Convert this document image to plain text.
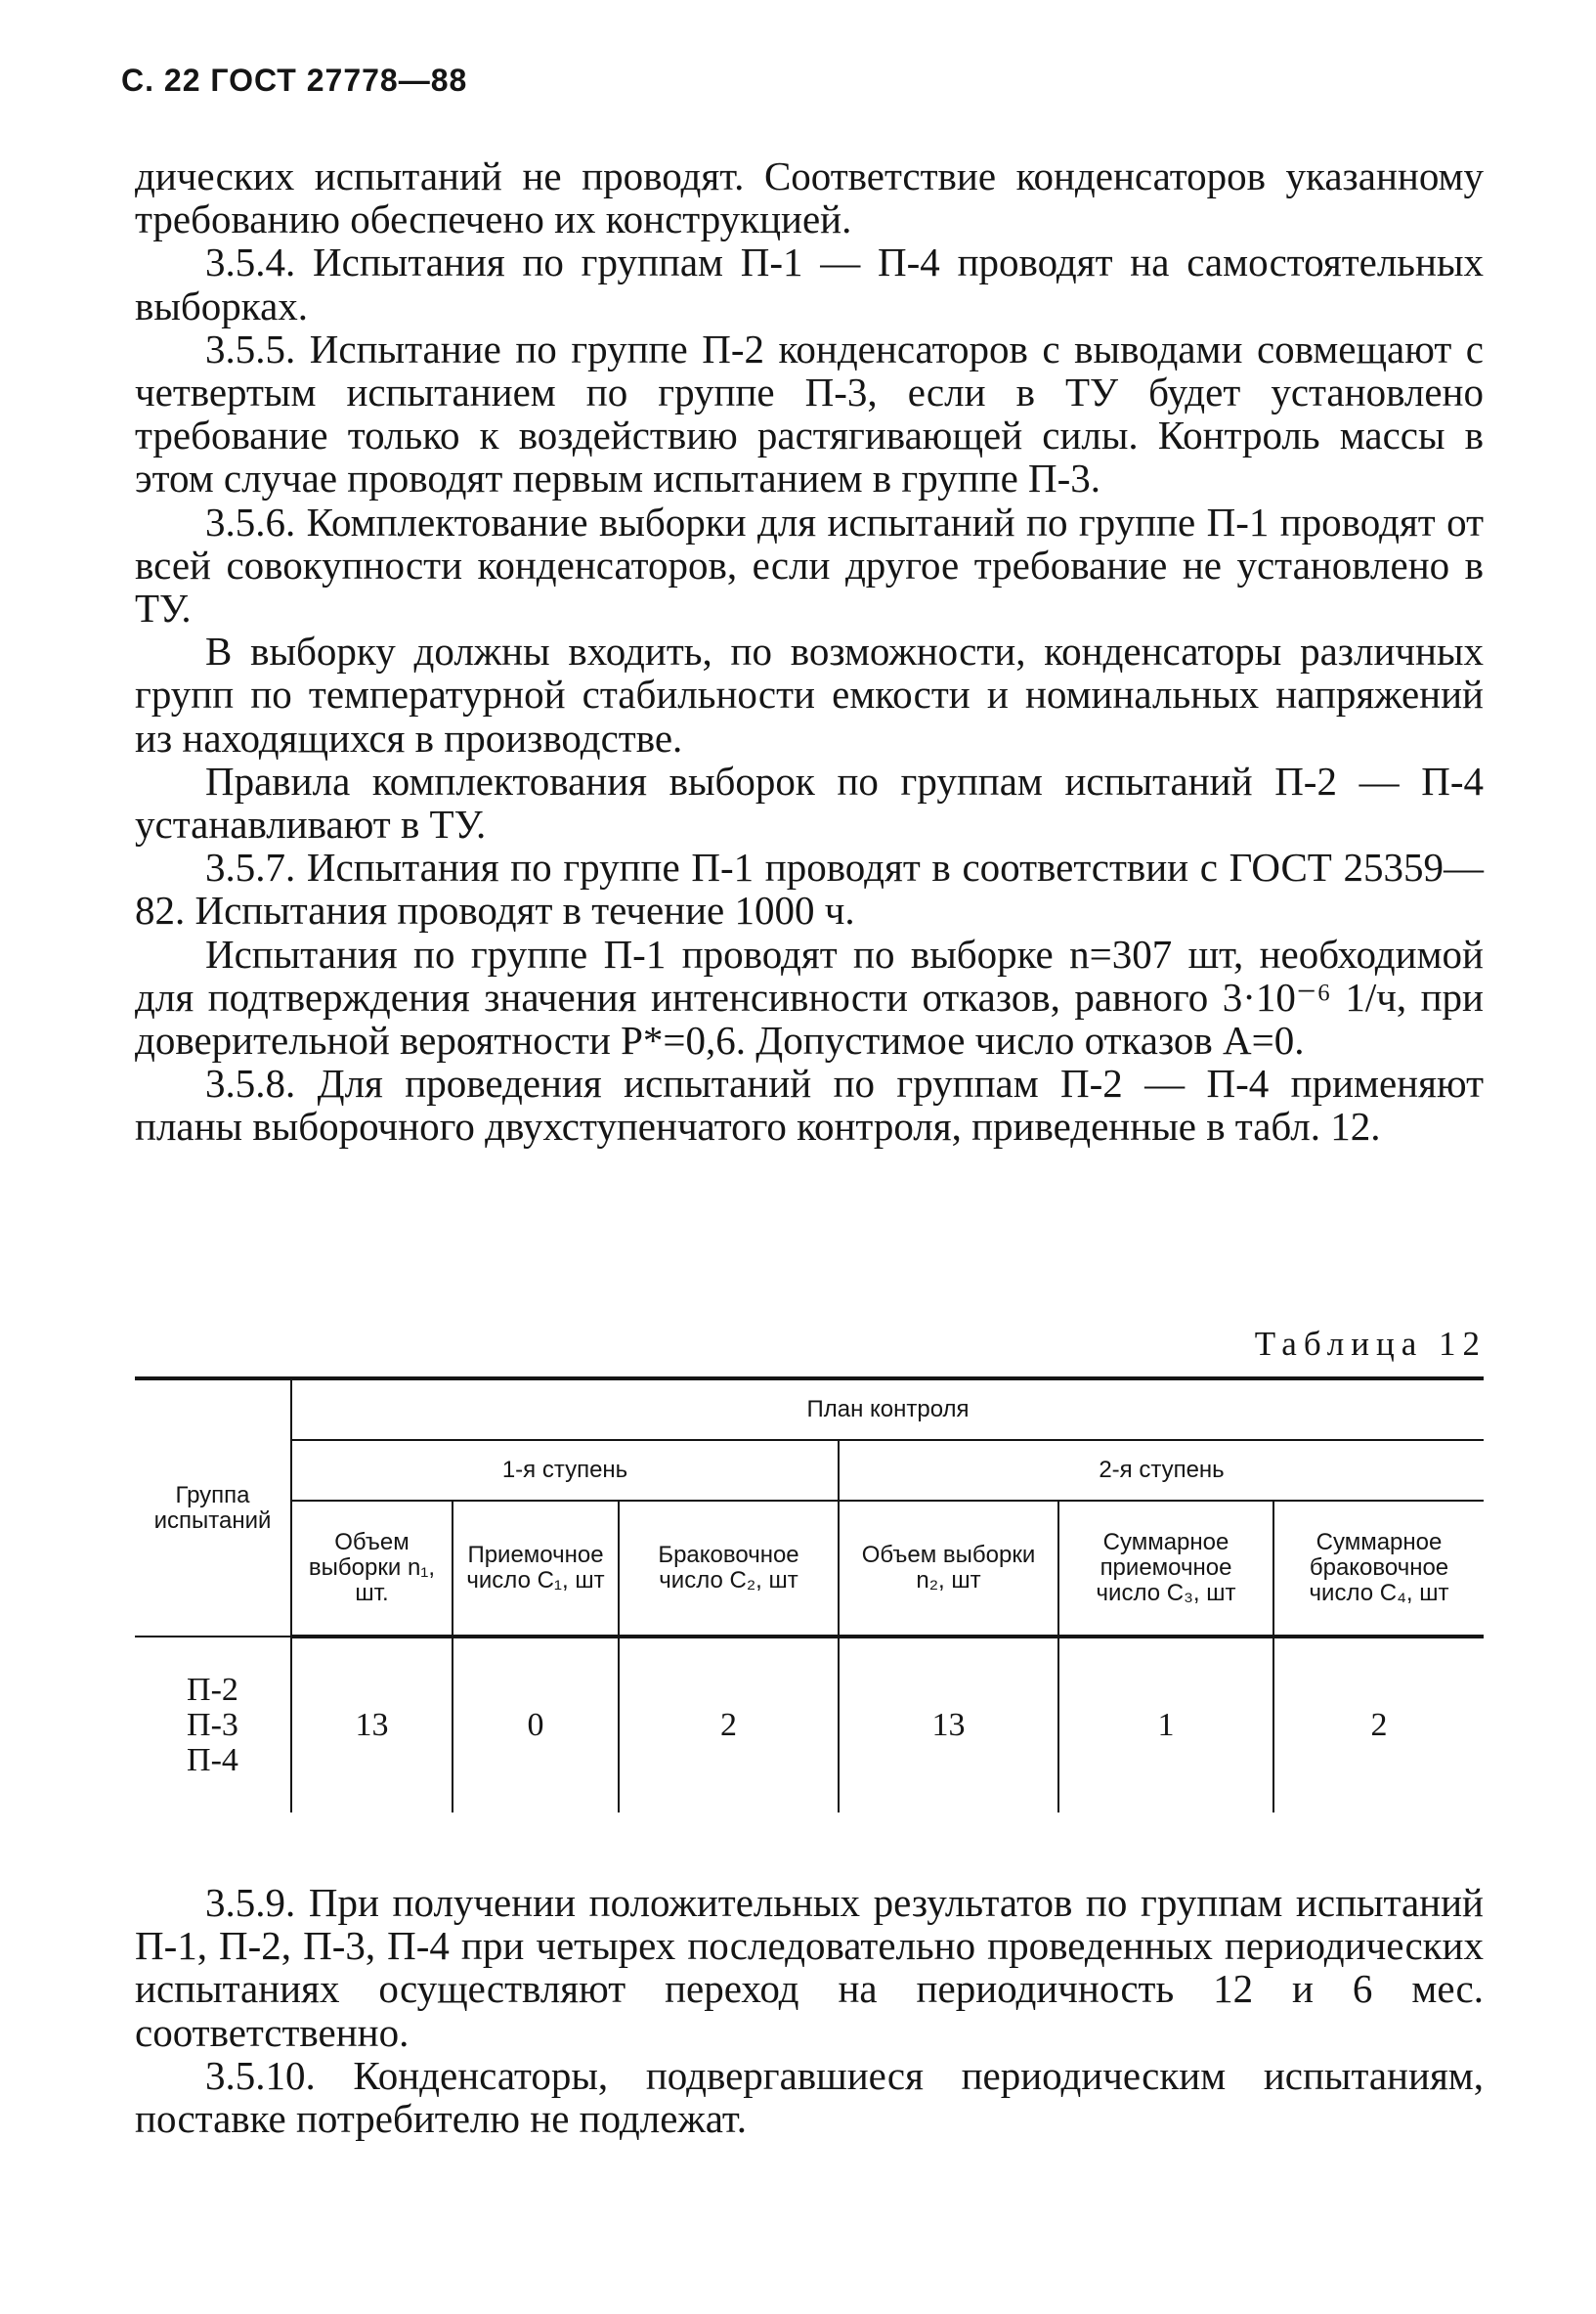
С. 22 ГОСТ 27778—88

дических испытаний не проводят. Соответствие конденсаторов указанному требованию обеспечено их конструкцией.

3.5.4. Испытания по группам П-1 — П-4 проводят на самостоятельных выборках.

3.5.5. Испытание по группе П-2 конденсаторов с выводами совмещают с четвертым испытанием по группе П-3, если в ТУ будет установлено требование только к воздействию растягивающей силы. Контроль массы в этом случае проводят первым испытанием в группе П-3.

3.5.6. Комплектование выборки для испытаний по группе П-1 проводят от всей совокупности конденсаторов, если другое требование не установлено в ТУ.

В выборку должны входить, по возможности, конденсаторы различных групп по температурной стабильности емкости и номинальных напряжений из находящихся в производстве.

Правила комплектования выборок по группам испытаний П-2 — П-4 устанавливают в ТУ.

3.5.7. Испытания по группе П-1 проводят в соответствии с ГОСТ 25359—82. Испытания проводят в течение 1000 ч.

Испытания по группе П-1 проводят по выборке n=307 шт, необходимой для подтверждения значения интенсивности отказов, равного 3·10⁻⁶ 1/ч, при доверительной вероятности P*=0,6. Допустимое число отказов A=0.

3.5.8. Для проведения испытаний по группам П-2 — П-4 применяют планы выборочного двухступенчатого контроля, приведенные в табл. 12.

Таблица 12
Группа испытаний	План контроля					
	1-я ступень			2-я ступень		
	Объем выборки n₁, шт.	Приемочное число C₁, шт	Браковочное число C₂, шт	Объем выборки n₂, шт	Суммарное приемочное число C₃, шт	Суммарное браковочное число C₄, шт
П-2
П-3
П-4	13	0	2	13	1	2

3.5.9. При получении положительных результатов по группам испытаний П-1, П-2, П-3, П-4 при четырех последовательно проведенных периодических испытаниях осуществляют переход на периодичность 12 и 6 мес. соответственно.

3.5.10. Конденсаторы, подвергавшиеся периодическим испытаниям, поставке потребителю не подлежат.
